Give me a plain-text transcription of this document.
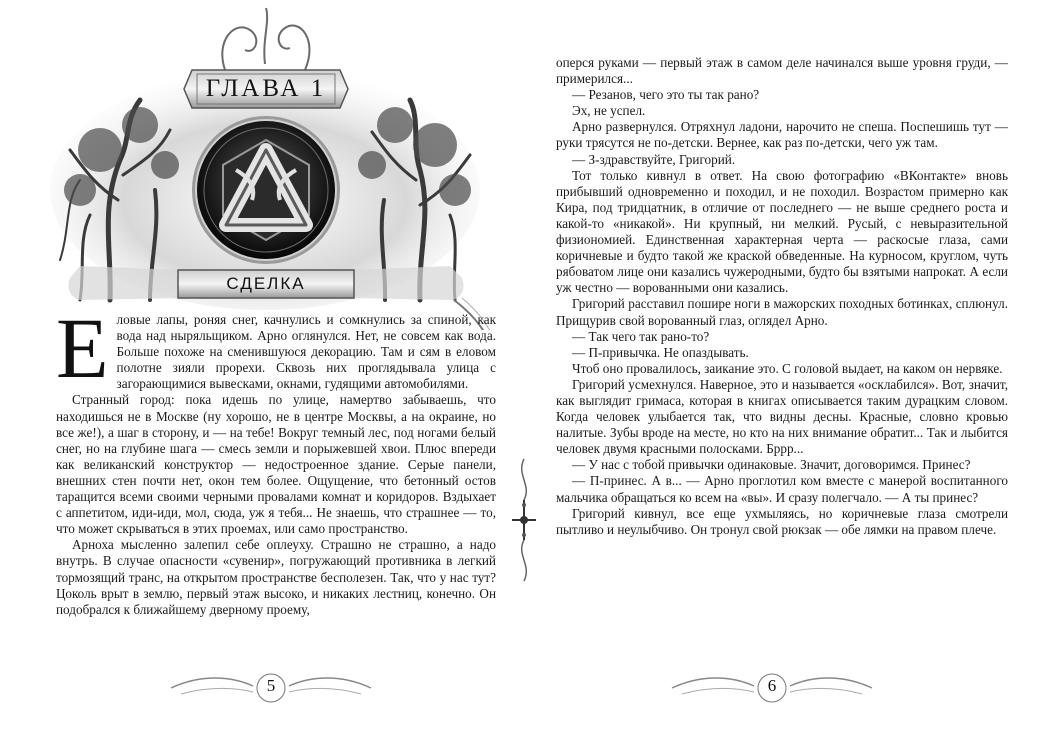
ГЛАВА 1
СДЕЛКА

Еловые лапы, роняя снег, качнулись и сомкнулись за спиной, как вода над ныряльщиком. Арно оглянулся. Нет, не совсем как вода. Больше похоже на сменившуюся декорацию. Там и сям в еловом полотне зияли прорехи. Сквозь них проглядывала улица с загорающимися вывесками, окнами, гудящими автомобилями.

Странный город: пока идешь по улице, намертво забываешь, что находишься не в Москве (ну хорошо, не в центре Москвы, а на окраине, но все же!), а шаг в сторону, и — на тебе! Вокруг темный лес, под ногами белый снег, но на глубине шага — смесь земли и порыжевшей хвои. Плюс впереди как великанский конструктор — недостроенное здание. Серые панели, внешних стен почти нет, окон тем более. Ощущение, что бетонный остов таращится всеми своими черными провалами комнат и коридоров. Вздыхает с аппетитом, иди-иди, мол, сюда, уж я тебя... Не знаешь, что страшнее — то, что может скрываться в этих проемах, или само пространство.

Арноха мысленно залепил себе оплеуху. Страшно не страшно, а надо внутрь. В случае опасности «сувенир», погружающий противника в легкий тормозящий транс, на открытом пространстве бесполезен. Так, что у нас тут? Цоколь врыт в землю, первый этаж высоко, и никаких лестниц, конечно. Он подобрался к ближайшему дверному проему,

оперся руками — первый этаж в самом деле начинался выше уровня груди, — примерился...

— Резанов, чего это ты так рано?

Эх, не успел.

Арно развернулся. Отряхнул ладони, нарочито не спеша. Поспешишь тут — руки трясутся не по-детски. Вернее, как раз по-детски, чего уж там.

— З-здравствуйте, Григорий.

Тот только кивнул в ответ. На свою фотографию «ВКонтакте» вновь прибывший одновременно и походил, и не походил. Возрастом примерно как Кира, под тридцатник, в отличие от последнего — не выше среднего роста и какой-то «никакой». Ни крупный, ни мелкий. Русый, с невыразительной физиономией. Единственная характерная черта — раскосые глаза, сами коричневые и будто такой же краской обведенные. На курносом, круглом, чуть рябоватом лице они казались чужеродными, будто бы взятыми напрокат. А если уж честно — ворованными они казались.

Григорий расставил пошире ноги в мажорских походных ботинках, сплюнул. Прищурив свой ворованный глаз, оглядел Арно.

— Так чего так рано-то?

— П-привычка. Не опаздывать.

Чтоб оно провалилось, заикание это. С головой выдает, на каком он нервяке.

Григорий усмехнулся. Наверное, это и называется «осклабился». Вот, значит, как выглядит гримаса, которая в книгах описывается таким дурацким словом. Когда человек улыбается так, что видны десны. Красные, словно кровью налитые. Зубы вроде на месте, но кто на них внимание обратит... Так и лыбится человек двумя красными полосками. Бррр...

— У нас с тобой привычки одинаковые. Значит, договоримся. Принес?

— П-принес. А в... — Арно проглотил ком вместе с манерой воспитанного мальчика обращаться ко всем на «вы». И сразу полегчало. — А ты принес?

Григорий кивнул, все еще ухмыляясь, но коричневые глаза смотрели пытливо и неулыбчиво. Он тронул свой рюкзак — обе лямки на правом плече.

5	6
